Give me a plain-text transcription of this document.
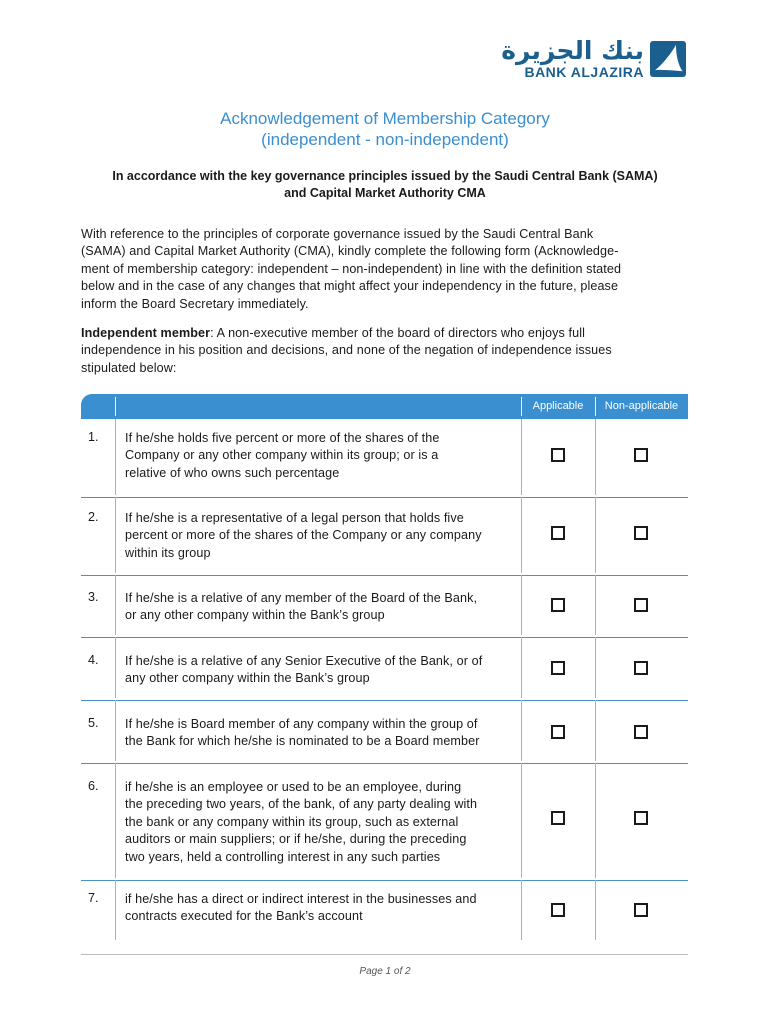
بنك الجزيرة
BANK ALJAZIRA
Acknowledgement of Membership Category
(independent - non-independent)
In accordance with the key governance principles issued by the Saudi Central Bank (SAMA)
and Capital Market Authority CMA
With reference to the principles of corporate governance issued by the Saudi Central Bank
(SAMA) and Capital Market Authority (CMA), kindly complete the following form (Acknowledge-
ment of membership category: independent – non-independent) in line with the definition stated
below and in the case of any changes that might affect your independency in the future, please
inform the Board Secretary immediately.
Independent member: A non-executive member of the board of directors who enjoys full
independence in his position and decisions, and none of the negation of independence issues
stipulated below:
Applicable	Non-applicable
1. If he/she holds five percent or more of the shares of the
Company or any other company within its group; or is a
relative of who owns such percentage
2. If he/she is a representative of a legal person that holds five
percent or more of the shares of the Company or any company
within its group
3. If he/she is a relative of any member of the Board of the Bank,
or any other company within the Bank’s group
4. If he/she is a relative of any Senior Executive of the Bank, or of
any other company within the Bank’s group
5. If he/she is Board member of any company within the group of
the Bank for which he/she is nominated to be a Board member
6. if he/she is an employee or used to be an employee, during
the preceding two years, of the bank, of any party dealing with
the bank or any company within its group, such as external
auditors or main suppliers; or if he/she, during the preceding
two years, held a controlling interest in any such parties
7. if he/she has a direct or indirect interest in the businesses and
contracts executed for the Bank’s account
Page 1 of 2
